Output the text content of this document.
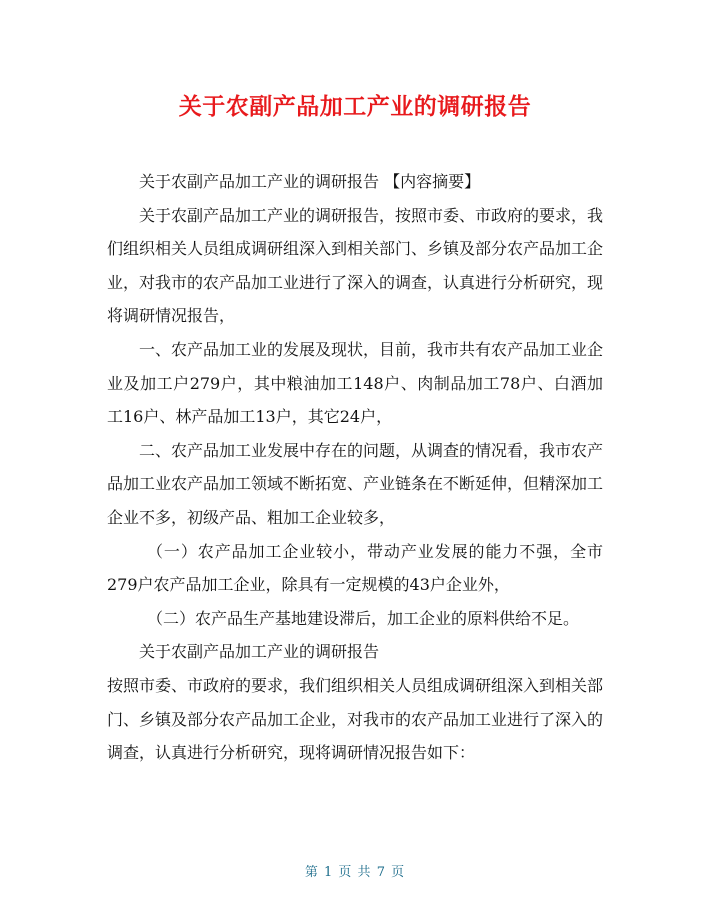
关于农副产品加工产业的调研报告

关于农副产品加工产业的调研报告 【内容摘要】

关于农副产品加工产业的调研报告，按照市委、市政府的要求，我们组织相关人员组成调研组深入到相关部门、乡镇及部分农产品加工企业，对我市的农产品加工业进行了深入的调查，认真进行分析研究，现将调研情况报告，

一、农产品加工业的发展及现状，目前，我市共有农产品加工业企业及加工户279户，其中粮油加工148户、肉制品加工78户、白酒加工16户、林产品加工13户，其它24户，

二、农产品加工业发展中存在的问题，从调查的情况看，我市农产品加工业农产品加工领域不断拓宽、产业链条在不断延伸，但精深加工企业不多，初级产品、粗加工企业较多，

（一）农产品加工企业较小，带动产业发展的能力不强，全市279户农产品加工企业，除具有一定规模的43户企业外，

（二）农产品生产基地建设滞后，加工企业的原料供给不足。

关于农副产品加工产业的调研报告

按照市委、市政府的要求，我们组织相关人员组成调研组深入到相关部门、乡镇及部分农产品加工企业，对我市的农产品加工业进行了深入的调查，认真进行分析研究，现将调研情况报告如下：

第 1 页 共 7 页
